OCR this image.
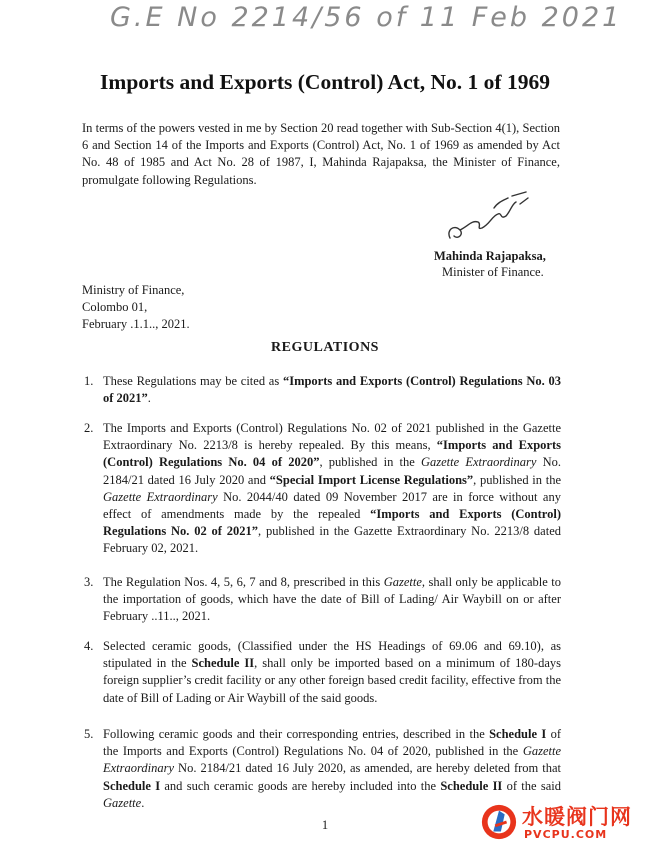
G.E No 2214/56 of 11 Feb 2021
Imports and Exports (Control) Act, No. 1 of 1969

In terms of the powers vested in me by Section 20 read together with Sub-Section 4(1), Section 6 and Section 14 of the Imports and Exports (Control) Act, No. 1 of 1969 as amended by Act No. 48 of 1985 and Act No. 28 of 1987, I, Mahinda Rajapaksa, the Minister of Finance, promulgate following Regulations.

Mahinda Rajapaksa,
Minister of Finance.
Ministry of Finance,
Colombo 01,
February .1.1.., 2021.
REGULATIONS
1. These Regulations may be cited as “Imports and Exports (Control) Regulations No. 03 of 2021”.

2. The Imports and Exports (Control) Regulations No. 02 of 2021 published in the Gazette Extraordinary No. 2213/8 is hereby repealed. By this means, “Imports and Exports (Control) Regulations No. 04 of 2020”, published in the Gazette Extraordinary No. 2184/21 dated 16 July 2020 and “Special Import License Regulations”, published in the Gazette Extraordinary No. 2044/40 dated 09 November 2017 are in force without any effect of amendments made by the repealed “Imports and Exports (Control) Regulations No. 02 of 2021”, published in the Gazette Extraordinary No. 2213/8 dated February 02, 2021.

3. The Regulation Nos. 4, 5, 6, 7 and 8, prescribed in this Gazette, shall only be applicable to the importation of goods, which have the date of Bill of Lading/ Air Waybill on or after February ..11.., 2021.

4. Selected ceramic goods, (Classified under the HS Headings of 69.06 and 69.10), as stipulated in the Schedule II, shall only be imported based on a minimum of 180-days foreign supplier’s credit facility or any other foreign based credit facility, effective from the date of Bill of Lading or Air Waybill of the said goods.

5. Following ceramic goods and their corresponding entries, described in the Schedule I of the Imports and Exports (Control) Regulations No. 04 of 2020, published in the Gazette Extraordinary No. 2184/21 dated 16 July 2020, as amended, are hereby deleted from that Schedule I and such ceramic goods are hereby included into the Schedule II of the said Gazette.

1	水暖阀门网
PVCPU.COM
